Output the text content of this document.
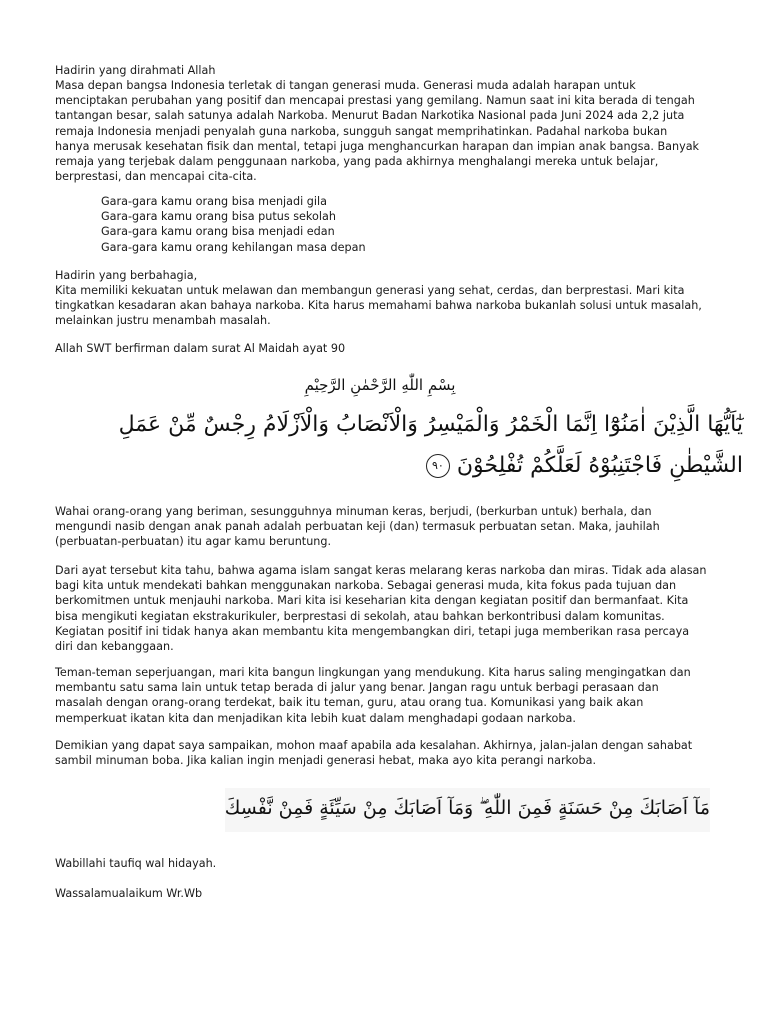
Hadirin yang dirahmati Allah

Masa depan bangsa Indonesia terletak di tangan generasi muda. Generasi muda adalah harapan untuk
menciptakan perubahan yang positif dan mencapai prestasi yang gemilang. Namun saat ini kita berada di tengah
tantangan besar, salah satunya adalah Narkoba. Menurut Badan Narkotika Nasional pada Juni 2024 ada 2,2 juta
remaja Indonesia menjadi penyalah guna narkoba, sungguh sangat memprihatinkan. Padahal narkoba bukan
hanya merusak kesehatan fisik dan mental, tetapi juga menghancurkan harapan dan impian anak bangsa. Banyak
remaja yang terjebak dalam penggunaan narkoba, yang pada akhirnya menghalangi mereka untuk belajar,
berprestasi, dan mencapai cita-cita.

Gara-gara kamu orang bisa menjadi gila
Gara-gara kamu orang bisa putus sekolah
Gara-gara kamu orang bisa menjadi edan
Gara-gara kamu orang kehilangan masa depan
Hadirin yang berbahagia,

Kita memiliki kekuatan untuk melawan dan membangun generasi yang sehat, cerdas, dan berprestasi. Mari kita
tingkatkan kesadaran akan bahaya narkoba. Kita harus memahami bahwa narkoba bukanlah solusi untuk masalah,
melainkan justru menambah masalah.

Allah SWT berfirman dalam surat Al Maidah ayat 90
بِسْمِ اللّٰهِ الرَّحْمٰنِ الرَّحِيْمِ
يٰٓاَيُّهَا الَّذِيْنَ اٰمَنُوْٓا اِنَّمَا الْخَمْرُ وَالْمَيْسِرُ وَالْاَنْصَابُ وَالْاَزْلَامُ رِجْسٌ مِّنْ عَمَلِ
الشَّيْطٰنِ فَاجْتَنِبُوْهُ لَعَلَّكُمْ تُفْلِحُوْنَ ٩٠

Wahai orang-orang yang beriman, sesungguhnya minuman keras, berjudi, (berkurban untuk) berhala, dan
mengundi nasib dengan anak panah adalah perbuatan keji (dan) termasuk perbuatan setan. Maka, jauhilah
(perbuatan-perbuatan) itu agar kamu beruntung.

Dari ayat tersebut kita tahu, bahwa agama islam sangat keras melarang keras narkoba dan miras. Tidak ada alasan
bagi kita untuk mendekati bahkan menggunakan narkoba. Sebagai generasi muda, kita fokus pada tujuan dan
berkomitmen untuk menjauhi narkoba. Mari kita isi keseharian kita dengan kegiatan positif dan bermanfaat. Kita
bisa mengikuti kegiatan ekstrakurikuler, berprestasi di sekolah, atau bahkan berkontribusi dalam komunitas.
Kegiatan positif ini tidak hanya akan membantu kita mengembangkan diri, tetapi juga memberikan rasa percaya
diri dan kebanggaan.

Teman-teman seperjuangan, mari kita bangun lingkungan yang mendukung. Kita harus saling mengingatkan dan
membantu satu sama lain untuk tetap berada di jalur yang benar. Jangan ragu untuk berbagi perasaan dan
masalah dengan orang-orang terdekat, baik itu teman, guru, atau orang tua. Komunikasi yang baik akan
memperkuat ikatan kita dan menjadikan kita lebih kuat dalam menghadapi godaan narkoba.

Demikian yang dapat saya sampaikan, mohon maaf apabila ada kesalahan. Akhirnya, jalan-jalan dengan sahabat
sambil minuman boba. Jika kalian ingin menjadi generasi hebat, maka ayo kita perangi narkoba.

مَآ اَصَابَكَ مِنْ حَسَنَةٍ فَمِنَ اللّٰهِ ۖ وَمَآ اَصَابَكَ مِنْ سَيِّئَةٍ فَمِنْ نَّفْسِكَ
Wabillahi taufiq wal hidayah.
Wassalamualaikum Wr.Wb
